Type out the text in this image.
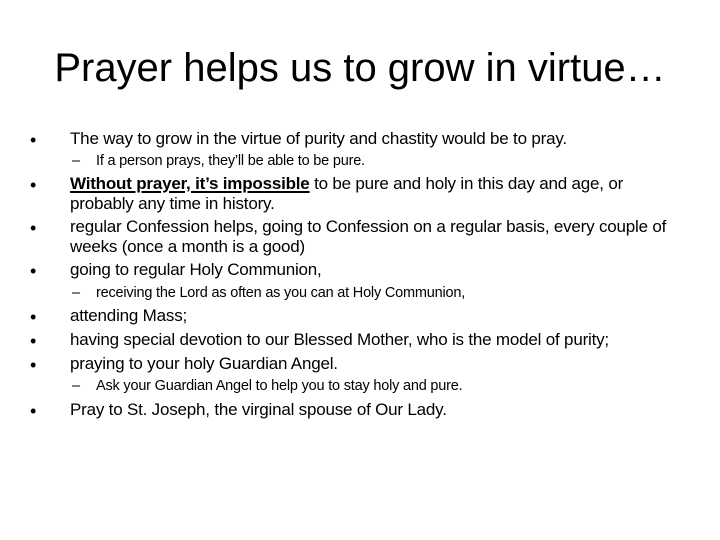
Prayer helps us to grow in virtue…
•	The way to grow in the virtue of purity and chastity would be to pray.
– If a person prays, they’ll be able to be pure.
•	Without prayer, it’s impossible to be pure and holy in this day and age, or probably any time in history.
•	regular Confession helps, going to Confession on a regular basis, every couple of weeks (once a month is a good)
•	going to regular Holy Communion,
– receiving the Lord as often as you can at Holy Communion,
•	attending Mass;
•	having special devotion to our Blessed Mother, who is the model of purity;
•	praying to your holy Guardian Angel.
– Ask your Guardian Angel to help you to stay holy and pure.
•	Pray to St. Joseph, the virginal spouse of Our Lady.
